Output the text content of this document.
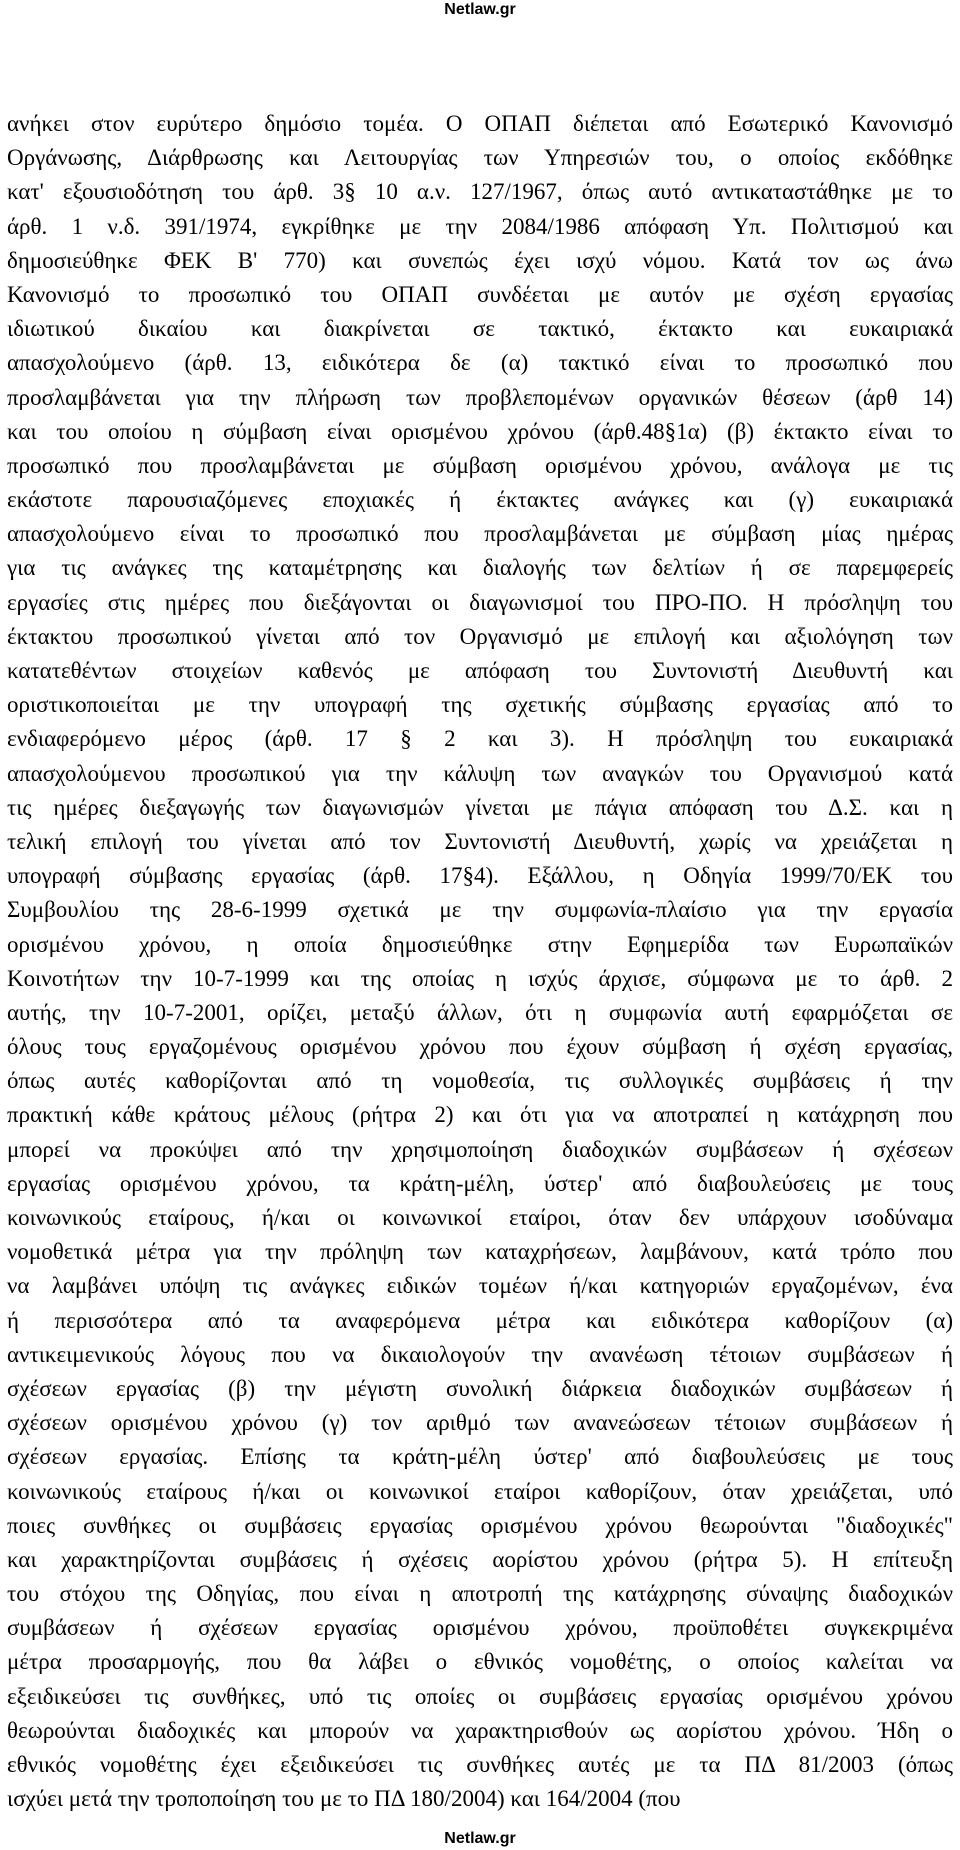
Netlaw.gr
ανήκει στον ευρύτερο δημόσιο τομέα. Ο ΟΠΑΠ διέπεται από Εσωτερικό Κανονισμό
Οργάνωσης, Διάρθρωσης και Λειτουργίας των Υπηρεσιών του, ο οποίος εκδόθηκε
κατ' εξουσιοδότηση του άρθ. 3§ 10 α.ν. 127/1967, όπως αυτό αντικαταστάθηκε με το
άρθ. 1 ν.δ. 391/1974, εγκρίθηκε με την 2084/1986 απόφαση Υπ. Πολιτισμού και
δημοσιεύθηκε ΦΕΚ Β' 770) και συνεπώς έχει ισχύ νόμου. Κατά τον ως άνω
Κανονισμό το προσωπικό του ΟΠΑΠ συνδέεται με αυτόν με σχέση εργασίας
ιδιωτικού δικαίου και διακρίνεται σε τακτικό, έκτακτο και ευκαιριακά
απασχολούμενο (άρθ. 13, ειδικότερα δε (α) τακτικό είναι το προσωπικό που
προσλαμβάνεται για την πλήρωση των προβλεπομένων οργανικών θέσεων (άρθ 14)
και του οποίου η σύμβαση είναι ορισμένου χρόνου (άρθ.48§1α) (β) έκτακτο είναι το
προσωπικό που προσλαμβάνεται με σύμβαση ορισμένου χρόνου, ανάλογα με τις
εκάστοτε παρουσιαζόμενες εποχιακές ή έκτακτες ανάγκες και (γ) ευκαιριακά
απασχολούμενο είναι το προσωπικό που προσλαμβάνεται με σύμβαση μίας ημέρας
για τις ανάγκες της καταμέτρησης και διαλογής των δελτίων ή σε παρεμφερείς
εργασίες στις ημέρες που διεξάγονται οι διαγωνισμοί του ΠΡΟ-ΠΟ. Η πρόσληψη του
έκτακτου προσωπικού γίνεται από τον Οργανισμό με επιλογή και αξιολόγηση των
κατατεθέντων στοιχείων καθενός με απόφαση του Συντονιστή Διευθυντή και
οριστικοποιείται με την υπογραφή της σχετικής σύμβασης εργασίας από το
ενδιαφερόμενο μέρος (άρθ. 17 § 2 και 3). Η πρόσληψη του ευκαιριακά
απασχολούμενου προσωπικού για την κάλυψη των αναγκών του Οργανισμού κατά
τις ημέρες διεξαγωγής των διαγωνισμών γίνεται με πάγια απόφαση του Δ.Σ. και η
τελική επιλογή του γίνεται από τον Συντονιστή Διευθυντή, χωρίς να χρειάζεται η
υπογραφή σύμβασης εργασίας (άρθ. 17§4). Εξάλλου, η Οδηγία 1999/70/ΕΚ του
Συμβουλίου της 28-6-1999 σχετικά με την συμφωνία-πλαίσιο για την εργασία
ορισμένου χρόνου, η οποία δημοσιεύθηκε στην Εφημερίδα των Ευρωπαϊκών
Κοινοτήτων την 10-7-1999 και της οποίας η ισχύς άρχισε, σύμφωνα με το άρθ. 2
αυτής, την 10-7-2001, ορίζει, μεταξύ άλλων, ότι η συμφωνία αυτή εφαρμόζεται σε
όλους τους εργαζομένους ορισμένου χρόνου που έχουν σύμβαση ή σχέση εργασίας,
όπως αυτές καθορίζονται από τη νομοθεσία, τις συλλογικές συμβάσεις ή την
πρακτική κάθε κράτους μέλους (ρήτρα 2) και ότι για να αποτραπεί η κατάχρηση που
μπορεί να προκύψει από την χρησιμοποίηση διαδοχικών συμβάσεων ή σχέσεων
εργασίας ορισμένου χρόνου, τα κράτη-μέλη, ύστερ' από διαβουλεύσεις με τους
κοινωνικούς εταίρους, ή/και οι κοινωνικοί εταίροι, όταν δεν υπάρχουν ισοδύναμα
νομοθετικά μέτρα για την πρόληψη των καταχρήσεων, λαμβάνουν, κατά τρόπο που
να λαμβάνει υπόψη τις ανάγκες ειδικών τομέων ή/και κατηγοριών εργαζομένων, ένα
ή περισσότερα από τα αναφερόμενα μέτρα και ειδικότερα καθορίζουν (α)
αντικειμενικούς λόγους που να δικαιολογούν την ανανέωση τέτοιων συμβάσεων ή
σχέσεων εργασίας (β) την μέγιστη συνολική διάρκεια διαδοχικών συμβάσεων ή
σχέσεων ορισμένου χρόνου (γ) τον αριθμό των ανανεώσεων τέτοιων συμβάσεων ή
σχέσεων εργασίας. Επίσης τα κράτη-μέλη ύστερ' από διαβουλεύσεις με τους
κοινωνικούς εταίρους ή/και οι κοινωνικοί εταίροι καθορίζουν, όταν χρειάζεται, υπό
ποιες συνθήκες οι συμβάσεις εργασίας ορισμένου χρόνου θεωρούνται "διαδοχικές"
και χαρακτηρίζονται συμβάσεις ή σχέσεις αορίστου χρόνου (ρήτρα 5). Η επίτευξη
του στόχου της Οδηγίας, που είναι η αποτροπή της κατάχρησης σύναψης διαδοχικών
συμβάσεων ή σχέσεων εργασίας ορισμένου χρόνου, προϋποθέτει συγκεκριμένα
μέτρα προσαρμογής, που θα λάβει ο εθνικός νομοθέτης, ο οποίος καλείται να
εξειδικεύσει τις συνθήκες, υπό τις οποίες οι συμβάσεις εργασίας ορισμένου χρόνου
θεωρούνται διαδοχικές και μπορούν να χαρακτηρισθούν ως αορίστου χρόνου. Ήδη ο
εθνικός νομοθέτης έχει εξειδικεύσει τις συνθήκες αυτές με τα ΠΔ 81/2003 (όπως
ισχύει μετά την τροποποίηση του με το ΠΔ 180/2004) και 164/2004 (που
Netlaw.gr
